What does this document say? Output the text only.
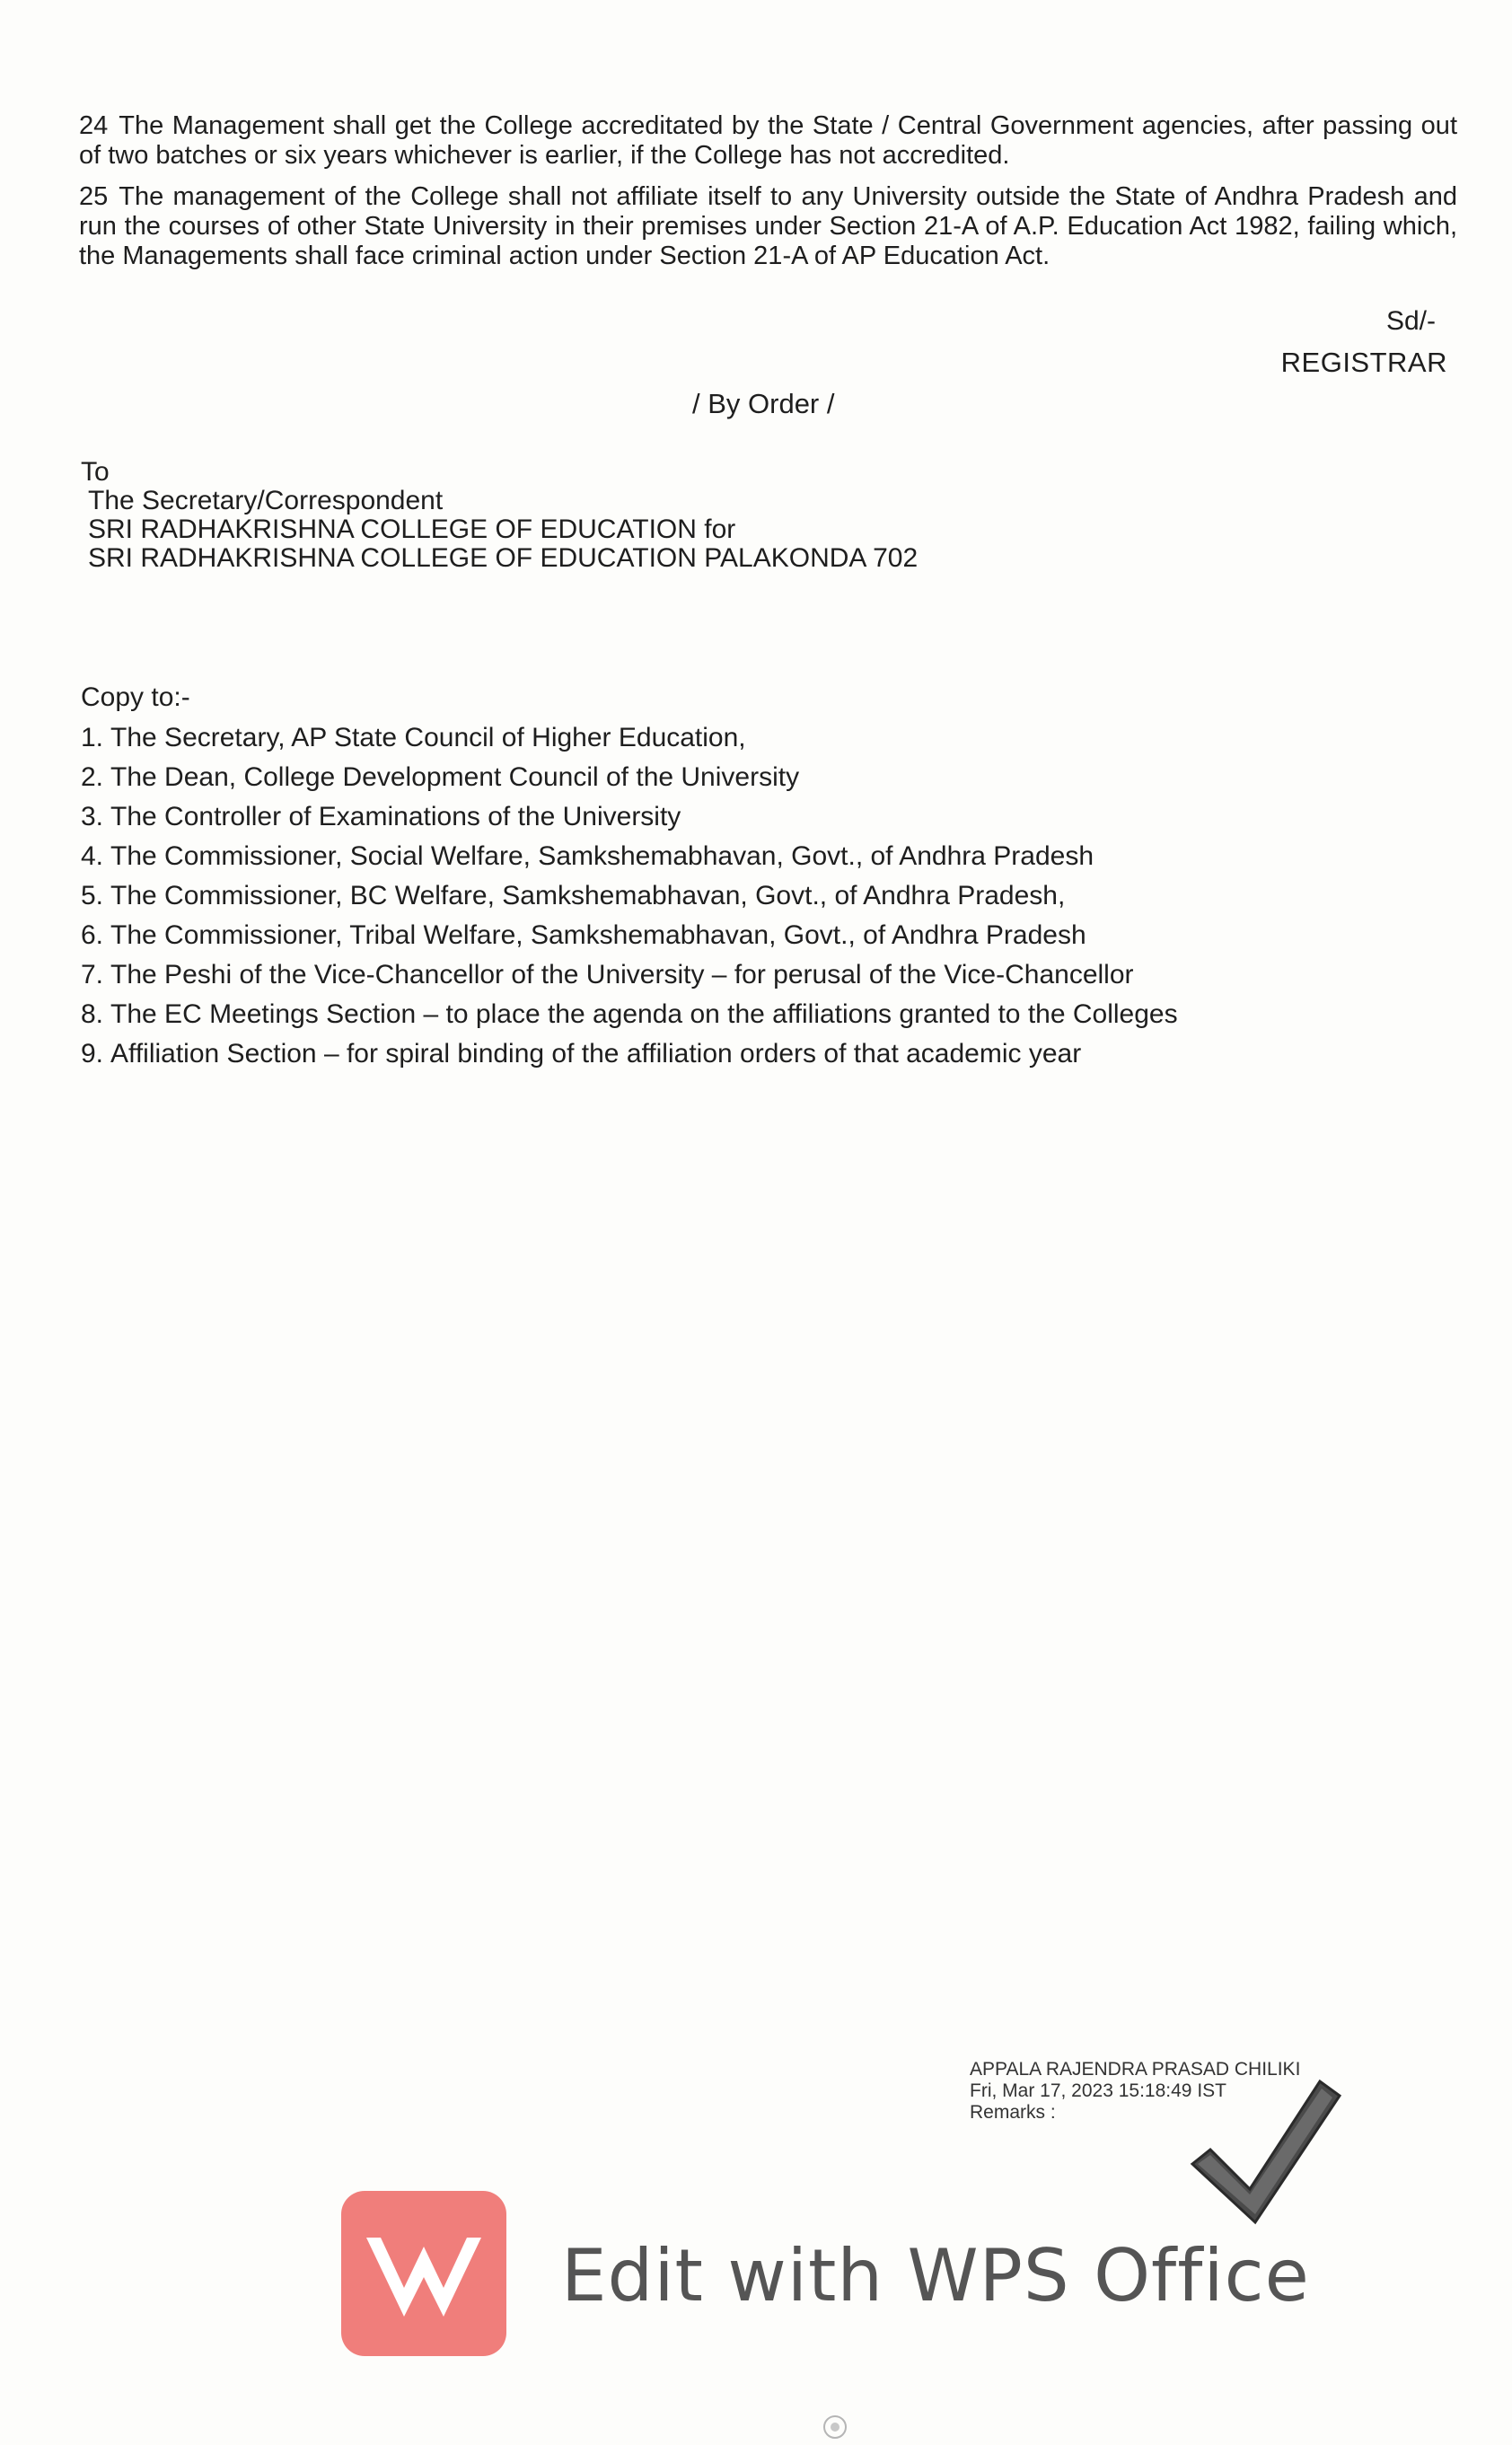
24 The Management shall get the College accreditated by the State / Central Government agencies, after passing out of two batches or six years whichever is earlier, if the College has not accredited.
25 The management of the College shall not affiliate itself to any University outside the State of Andhra Pradesh and run the courses of other State University in their premises under Section 21-A of A.P. Education Act 1982, failing which, the Managements shall face criminal action under Section 21-A of AP Education Act.
Sd/-
REGISTRAR
/ By Order /
To
The Secretary/Correspondent
SRI RADHAKRISHNA COLLEGE OF EDUCATION for
SRI RADHAKRISHNA COLLEGE OF EDUCATION PALAKONDA 702
Copy to:-
1. The Secretary, AP State Council of Higher Education,
2. The Dean, College Development Council of the University
3. The Controller of Examinations of the University
4. The Commissioner, Social Welfare, Samkshemabhavan, Govt., of Andhra Pradesh
5. The Commissioner, BC Welfare, Samkshemabhavan, Govt., of Andhra Pradesh,
6. The Commissioner, Tribal Welfare, Samkshemabhavan, Govt., of Andhra Pradesh
7. The Peshi of the Vice-Chancellor of the University – for perusal of the Vice-Chancellor
8. The EC Meetings Section – to place the agenda on the affiliations granted to the Colleges
9. Affiliation Section – for spiral binding of the affiliation orders of that academic year
APPALA RAJENDRA PRASAD CHILIKI
Fri, Mar 17, 2023 15:18:49 IST
Remarks :
Edit with WPS Office
